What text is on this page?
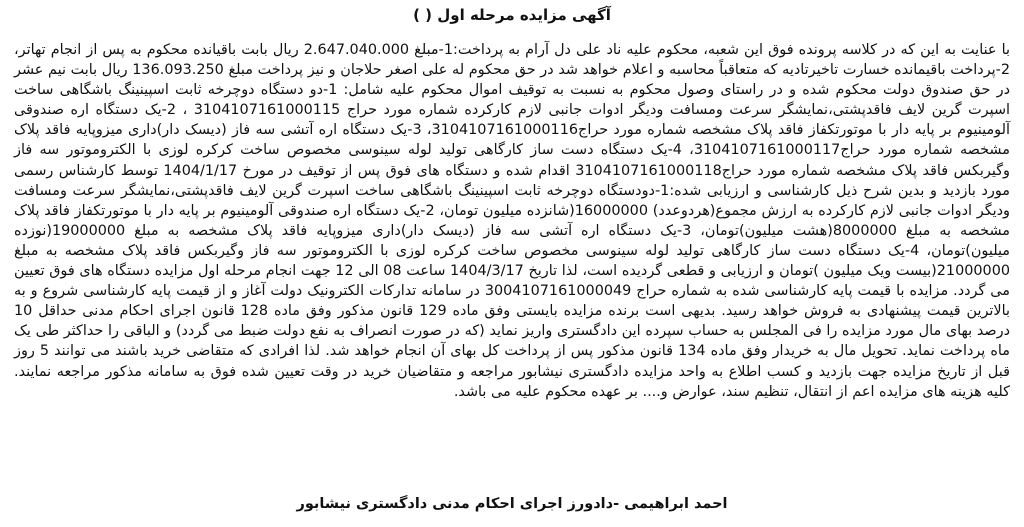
آگهی مزایده مرحله اول ( )

با عنایت به این که در کلاسه پرونده فوق این شعبه، محکوم علیه ناد علی دل آرام به پرداخت:1-مبلغ 2.647.040.000 ریال بابت باقیانده محکوم به پس از انجام تهاتر، 2-پرداخت باقیمانده خسارت تاخیرتادیه که متعاقباً محاسبه و اعلام خواهد شد در حق محکوم له علی اصغر حلاجان و نیز پرداخت مبلغ 136.093.250 ریال بابت نیم عشر در حق صندوق دولت محکوم شده و در راستای وصول محکوم به نسبت به توقیف اموال محکوم علیه شامل: 1-دو دستگاه دوچرخه ثابت اسپینینگ باشگاهی ساخت اسپرت گرین لایف فاقدپشتی،نمایشگر سرعت ومسافت ودیگر ادوات جانبی لازم کارکرده شماره مورد حراج 3104107161000115 ، 2-یک دستگاه اره صندوقی آلومینیوم بر پایه دار با موتورتکفاز فاقد پلاک مشخصه شماره مورد حراج3104107161000116، 3-یک دستگاه اره آتشی سه فاز (دیسک دار)داری میزوپایه فاقد پلاک مشخصه شماره مورد حراج3104107161000117، 4-یک دستگاه دست ساز کارگاهی تولید لوله سینوسی مخصوص ساخت کرکره لوزی با الکتروموتور سه فاز وگیربکس فاقد پلاک مشخصه شماره مورد حراج3104107161000118 اقدام شده و دستگاه های فوق پس از توقیف در مورخ 1404/1/17 توسط کارشناس رسمی مورد بازدید و بدین شرح ذیل کارشناسی و ارزیابی شده:1-دودستگاه دوچرخه ثابت اسپینینگ باشگاهی ساخت اسپرت گرین لایف فاقدپشتی،نمایشگر سرعت ومسافت ودیگر ادوات جانبی لازم کارکرده به ارزش مجموع(هردوعدد) 16000000(شانزده میلیون تومان، 2-یک دستگاه اره صندوقی آلومینیوم بر پایه دار با موتورتکفاز فاقد پلاک مشخصه به مبلغ 8000000(هشت میلیون)تومان، 3-یک دستگاه اره آتشی سه فاز (دیسک دار)داری میزوپایه فاقد پلاک مشخصه به مبلغ 19000000(نوزده میلیون)تومان، 4-یک دستگاه دست ساز کارگاهی تولید لوله سینوسی مخصوص ساخت کرکره لوزی با الکتروموتور سه فاز وگیربکس فاقد پلاک مشخصه به مبلغ 21000000(بیست ویک میلیون )تومان و ارزیابی و قطعی گردیده است، لذا تاریخ 1404/3/17 ساعت 08 الی 12 جهت انجام مرحله اول مزایده دستگاه های فوق تعیین می گردد. مزایده با قیمت پایه کارشناسی شده به شماره حراج 3004107161000049 در سامانه تدارکات الکترونیک دولت آغاز و از قیمت پایه کارشناسی شروع و به بالاترین قیمت پیشنهادی به فروش خواهد رسید. بدیهی است برنده مزایده بایستی وفق ماده 129 قانون مذکور وفق ماده 128 قانون اجرای احکام مدنی حداقل 10 درصد بهای مال مورد مزایده را فی المجلس به حساب سپرده این دادگستری واریز نماید (که در صورت انصراف به نفع دولت ضبط می گردد) و الباقی را حداکثر طی یک ماه پرداخت نماید. تحویل مال به خریدار وفق ماده 134 قانون مذکور پس از پرداخت کل بهای آن انجام خواهد شد. لذا افرادی که متقاضی خرید باشند می توانند 5 روز قبل از تاریخ مزایده جهت بازدید و کسب اطلاع به واحد مزایده دادگستری نیشابور مراجعه و متقاضیان خرید در وقت تعیین شده فوق به سامانه مذکور مراجعه نمایند. کلیه هزینه های مزایده اعم از انتقال، تنظیم سند، عوارض و.... بر عهده محکوم علیه می باشد.

احمد ابراهیمی -دادورز اجرای احکام مدنی دادگستری نیشابور
